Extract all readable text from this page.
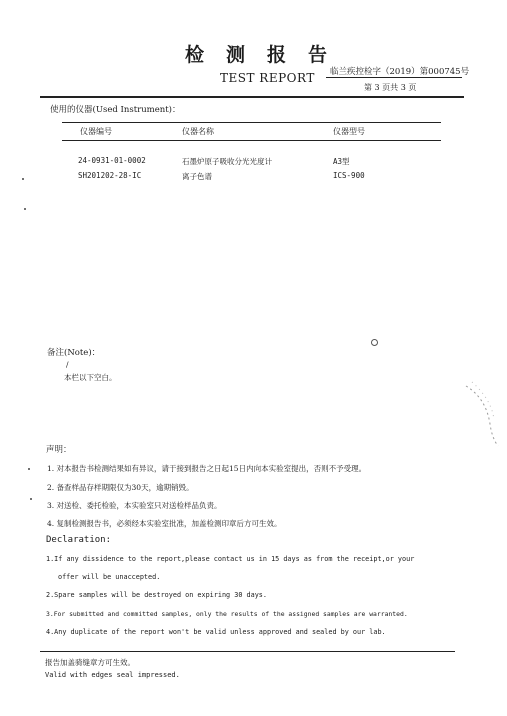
检测报告
TEST REPORT 临兰疾控检字（2019）第000745号
第 3 页共 3 页
使用的仪器(Used Instrument)：
仪器编号	仪器名称	仪器型号
24-0931-01-0002	石墨炉原子吸收分光光度计	A3型
SH201202-28-IC	离子色谱	ICS-900
备注(Note)：
/
本栏以下空白。
声明：
1. 对本报告书检测结果如有异议，请于接到报告之日起15日内向本实验室提出，否则不予受理。
2. 备查样品存样期限仅为30天，逾期销毁。
3. 对送检、委托检验，本实验室只对送检样品负责。
4. 复制检测报告书，必须经本实验室批准，加盖检测印章后方可生效。
Declaration:
1.If any dissidence to the report,please contact us in 15 days as from the receipt,or your
offer will be unaccepted.
2.Spare samples will be destroyed on expiring 30 days.
3.For submitted and committed samples, only the results of the assigned samples are warranted.
4.Any duplicate of the report won't be valid unless approved and sealed by our lab.
报告加盖骑缝章方可生效。
Valid with edges seal impressed.
